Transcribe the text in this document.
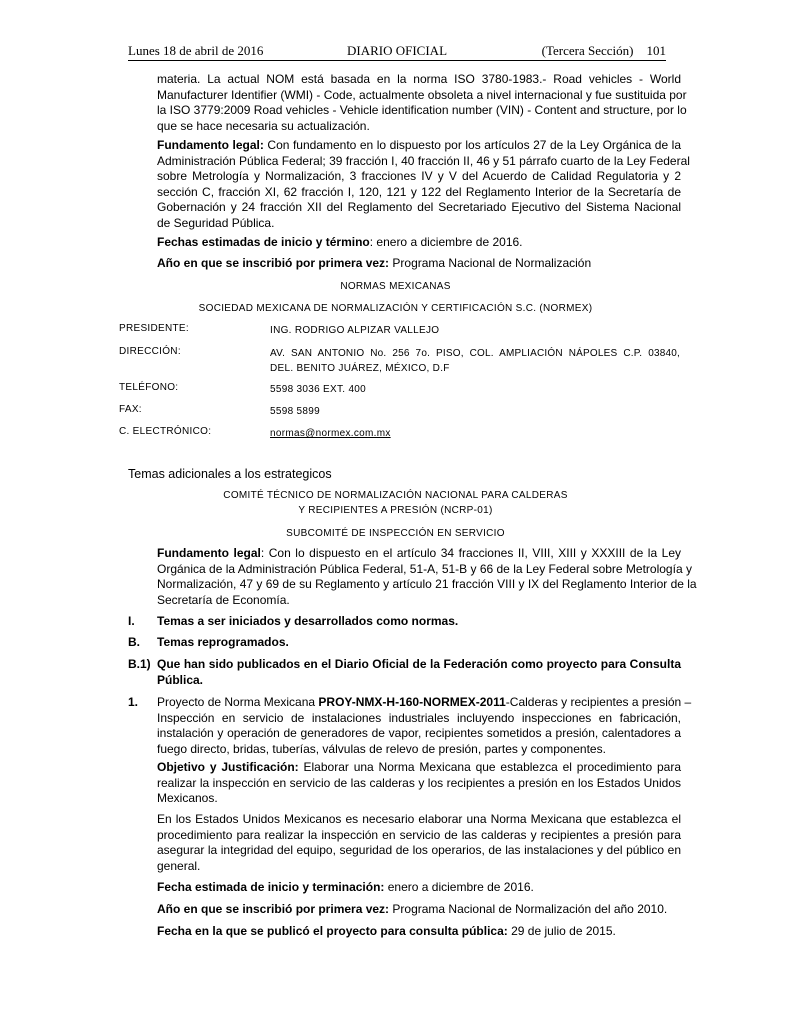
Lunes 18 de abril de 2016	DIARIO OFICIAL	(Tercera Sección) 101
materia. La actual NOM está basada en la norma ISO 3780-1983.- Road vehicles - World
Manufacturer Identifier (WMI) - Code, actualmente obsoleta a nivel internacional y fue sustituida por
la ISO 3779:2009 Road vehicles - Vehicle identification number (VIN) - Content and structure, por lo
que se hace necesaria su actualización.
Fundamento legal: Con fundamento en lo dispuesto por los artículos 27 de la Ley Orgánica de la
Administración Pública Federal; 39 fracción I, 40 fracción II, 46 y 51 párrafo cuarto de la Ley Federal
sobre Metrología y Normalización, 3 fracciones IV y V del Acuerdo de Calidad Regulatoria y 2
sección C, fracción XI, 62 fracción I, 120, 121 y 122 del Reglamento Interior de la Secretaría de
Gobernación y 24 fracción XII del Reglamento del Secretariado Ejecutivo del Sistema Nacional
de Seguridad Pública.
Fechas estimadas de inicio y término: enero a diciembre de 2016.
Año en que se inscribió por primera vez: Programa Nacional de Normalización
NORMAS MEXICANAS
SOCIEDAD MEXICANA DE NORMALIZACIÓN Y CERTIFICACIÓN S.C. (NORMEX)
PRESIDENTE:	ING. RODRIGO ALPIZAR VALLEJO
DIRECCIÓN:	AV. SAN ANTONIO No. 256 7o. PISO, COL. AMPLIACIÓN NÁPOLES C.P. 03840,
DEL. BENITO JUÁREZ, MÉXICO, D.F
TELÉFONO:	5598 3036 EXT. 400
FAX:	5598 5899
C. ELECTRÓNICO:	normas@normex.com.mx
Temas adicionales a los estrategicos
COMITÉ TÉCNICO DE NORMALIZACIÓN NACIONAL PARA CALDERAS
Y RECIPIENTES A PRESIÓN (NCRP-01)
SUBCOMITÉ DE INSPECCIÓN EN SERVICIO
Fundamento legal: Con lo dispuesto en el artículo 34 fracciones II, VIII, XIII y XXXIII de la Ley
Orgánica de la Administración Pública Federal, 51-A, 51-B y 66 de la Ley Federal sobre Metrología y
Normalización, 47 y 69 de su Reglamento y artículo 21 fracción VIII y IX del Reglamento Interior de la
Secretaría de Economía.
I. Temas a ser iniciados y desarrollados como normas.
B. Temas reprogramados.
B.1) Que han sido publicados en el Diario Oficial de la Federación como proyecto para Consulta
Pública.
1. Proyecto de Norma Mexicana PROY-NMX-H-160-NORMEX-2011-Calderas y recipientes a presión –
Inspección en servicio de instalaciones industriales incluyendo inspecciones en fabricación,
instalación y operación de generadores de vapor, recipientes sometidos a presión, calentadores a
fuego directo, bridas, tuberías, válvulas de relevo de presión, partes y componentes.
Objetivo y Justificación: Elaborar una Norma Mexicana que establezca el procedimiento para
realizar la inspección en servicio de las calderas y los recipientes a presión en los Estados Unidos
Mexicanos.
En los Estados Unidos Mexicanos es necesario elaborar una Norma Mexicana que establezca el
procedimiento para realizar la inspección en servicio de las calderas y recipientes a presión para
asegurar la integridad del equipo, seguridad de los operarios, de las instalaciones y del público en
general.
Fecha estimada de inicio y terminación: enero a diciembre de 2016.
Año en que se inscribió por primera vez: Programa Nacional de Normalización del año 2010.
Fecha en la que se publicó el proyecto para consulta pública: 29 de julio de 2015.
